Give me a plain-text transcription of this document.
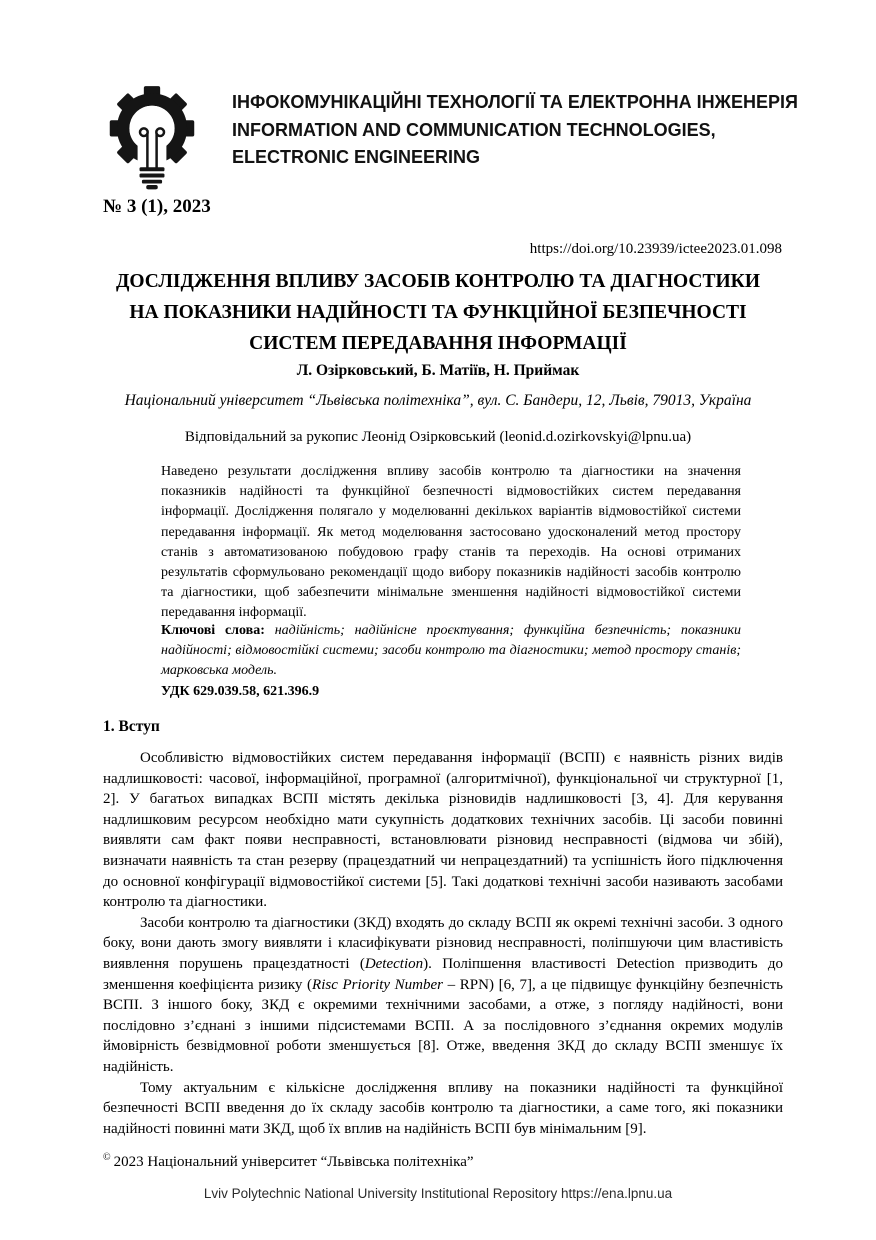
ІНФОКОМУНІКАЦІЙНІ ТЕХНОЛОГІЇ ТА ЕЛЕКТРОННА ІНЖЕНЕРІЯ
INFORMATION AND COMMUNICATION TECHNOLOGIES,
ELECTRONIC ENGINEERING
№ 3 (1), 2023
https://doi.org/10.23939/ictee2023.01.098
ДОСЛІДЖЕННЯ ВПЛИВУ ЗАСОБІВ КОНТРОЛЮ ТА ДІАГНОСТИКИ
НА ПОКАЗНИКИ НАДІЙНОСТІ ТА ФУНКЦІЙНОЇ БЕЗПЕЧНОСТІ
СИСТЕМ ПЕРЕДАВАННЯ ІНФОРМАЦІЇ
Л. Озірковський, Б. Матіїв, Н. Приймак
Національний університет “Львівська політехніка”, вул. С. Бандери, 12, Львів, 79013, Україна
Відповідальний за рукопис Леонід Озірковський (leonid.d.ozirkovskyi@lpnu.ua)
Наведено результати дослідження впливу засобів контролю та діагностики на значення показників надійності та функційної безпечності відмовостійких систем передавання інформації. Дослідження полягало у моделюванні декількох варіантів відмовостійкої системи передавання інформації. Як метод моделювання застосовано удосконалений метод простору станів з автоматизованою побудовою графу станів та переходів. На основі отриманих результатів сформульовано рекомендації щодо вибору показників надійності засобів контролю та діагностики, щоб забезпечити мінімальне зменшення надійності відмовостійкої системи передавання інформації.

Ключові слова: надійність; надійнісне проєктування; функційна безпечність; показники надійності; відмовостійкі системи; засоби контролю та діагностики; метод простору станів; марковська модель.

УДК 629.039.58, 621.396.9

1. Вступ

Особливістю відмовостійких систем передавання інформації (ВСПІ) є наявність різних видів надлишковості: часової, інформаційної, програмної (алгоритмічної), функціональної чи структурної [1, 2]. У багатьох випадках ВСПІ містять декілька різновидів надлишковості [3, 4]. Для керування надлишковим ресурсом необхідно мати сукупність додаткових технічних засобів. Ці засоби повинні виявляти сам факт появи несправності, встановлювати різновид несправності (відмова чи збій), визначати наявність та стан резерву (працездатний чи непрацездатний) та успішність його підключення до основної конфігурації відмовостійкої системи [5]. Такі додаткові технічні засоби називають засобами контролю та діагностики.

Засоби контролю та діагностики (ЗКД) входять до складу ВСПІ як окремі технічні засоби. З одного боку, вони дають змогу виявляти і класифікувати різновид несправності, поліпшуючи цим властивість виявлення порушень працездатності (Detection). Поліпшення властивості Detection призводить до зменшення коефіцієнта ризику (Risc Priority Number – RPN) [6, 7], а це підвищує функційну безпечність ВСПІ. З іншого боку, ЗКД є окремими технічними засобами, а отже, з погляду надійності, вони послідовно з’єднані з іншими підсистемами ВСПІ. А за послідовного з’єднання окремих модулів ймовірність безвідмовної роботи зменшується [8]. Отже, введення ЗКД до складу ВСПІ зменшує їх надійність.

Тому актуальним є кількісне дослідження впливу на показники надійності та функційної безпечності ВСПІ введення до їх складу засобів контролю та діагностики, а саме того, які показники надійності повинні мати ЗКД, щоб їх вплив на надійність ВСПІ був мінімальним [9].

© 2023 Національний університет “Львівська політехніка”
Lviv Polytechnic National University Institutional Repository https://ena.lpnu.ua
